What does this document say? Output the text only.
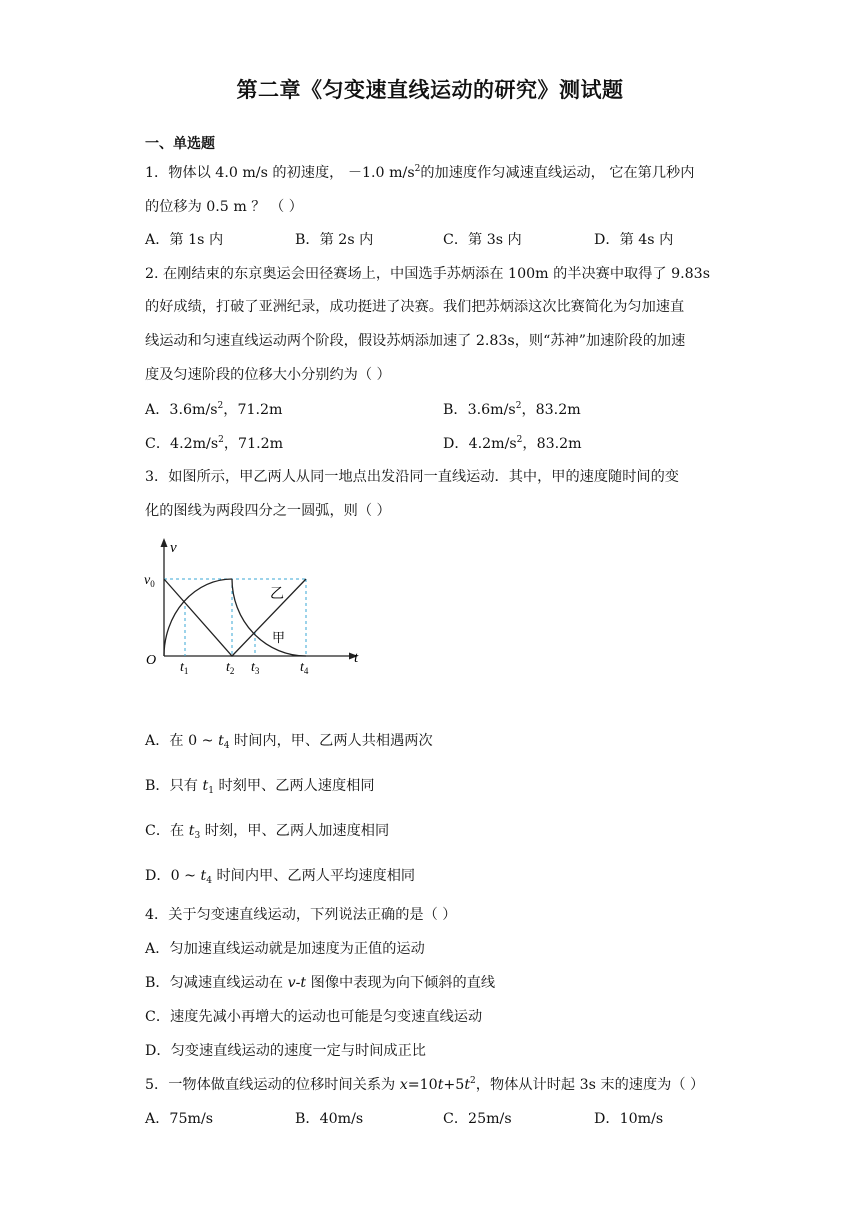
第二章《匀变速直线运动的研究》测试题
一、单选题
1．物体以 4.0 m/s 的初速度， －1.0 $m/s^2$的加速度作匀减速直线运动， 它在第几秒内
的位移为 0.5 m ？ （ ）
A．第 1s 内	B．第 2s 内	C．第 3s 内	D．第 4s 内
2. 在刚结束的东京奥运会田径赛场上，中国选手苏炳添在 100m 的半决赛中取得了 9.83s
的好成绩，打破了亚洲纪录，成功挺进了决赛。我们把苏炳添这次比赛简化为匀加速直
线运动和匀速直线运动两个阶段，假设苏炳添加速了 2.83s，则“苏神”加速阶段的加速
度及匀速阶段的位移大小分别约为（ ）
A．$3.6m/s^2$，71.2m	B．$3.6m/s^2$，83.2m
C．$4.2m/s^2$，71.2m	D．$4.2m/s^2$，83.2m
3．如图所示，甲乙两人从同一地点出发沿同一直线运动．其中，甲的速度随时间的变
化的图线为两段四分之一圆弧，则（ ）
v
t
O
$v_0$
$t_1$	$t_2$ $t_3$	$t_4$
乙
甲
A．在 0 ~ $t_4$ 时间内，甲、乙两人共相遇两次
B．只有 $t_1$ 时刻甲、乙两人速度相同
C．在 $t_3$ 时刻，甲、乙两人加速度相同
D．0 ~ $t_4$ 时间内甲、乙两人平均速度相同
4．关于匀变速直线运动，下列说法正确的是（ ）
A．匀加速直线运动就是加速度为正值的运动
B．匀减速直线运动在 v-t 图像中表现为向下倾斜的直线
C．速度先减小再增大的运动也可能是匀变速直线运动
D．匀变速直线运动的速度一定与时间成正比
5．一物体做直线运动的位移时间关系为 $x=10t+5t^2$，物体从计时起 3s 末的速度为（ ）
A．75m/s	B．40m/s	C．25m/s	D．10m/s
